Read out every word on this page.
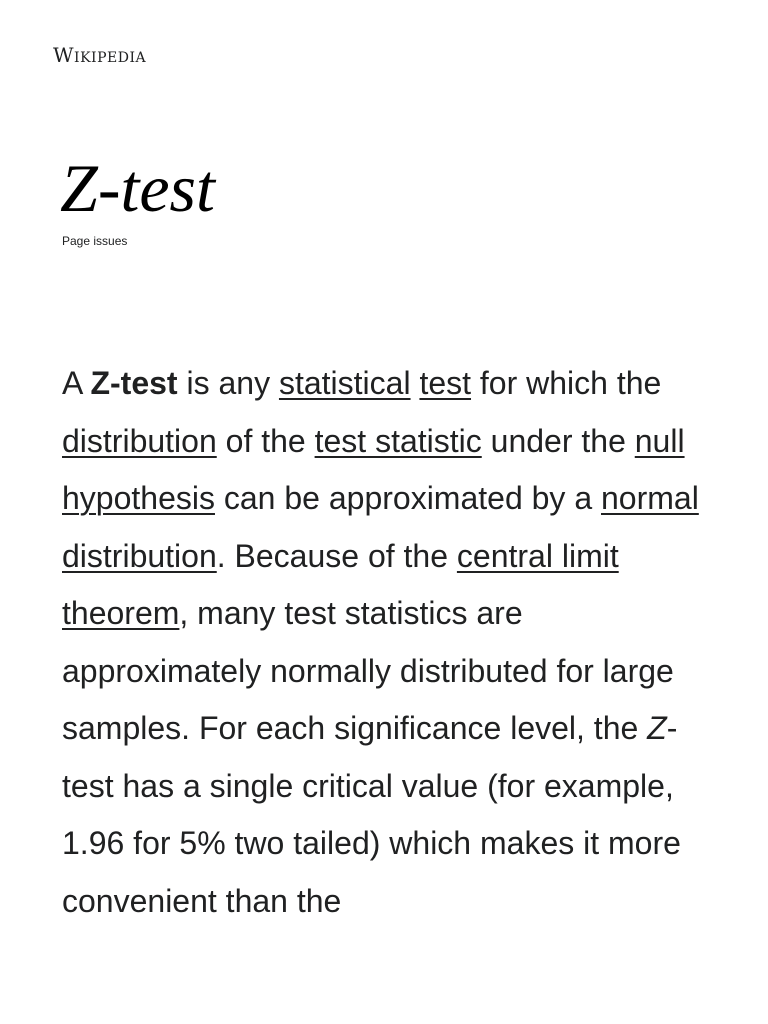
Wikipedia
Z-test
Page issues

A Z-test is any statistical test for which the distribution of the test statistic under the null hypothesis can be approximated by a normal distribution. Because of the central limit theorem, many test statistics are approximately normally distributed for large samples. For each significance level, the Z-test has a single critical value (for example, 1.96 for 5% two tailed) which makes it more convenient than the
